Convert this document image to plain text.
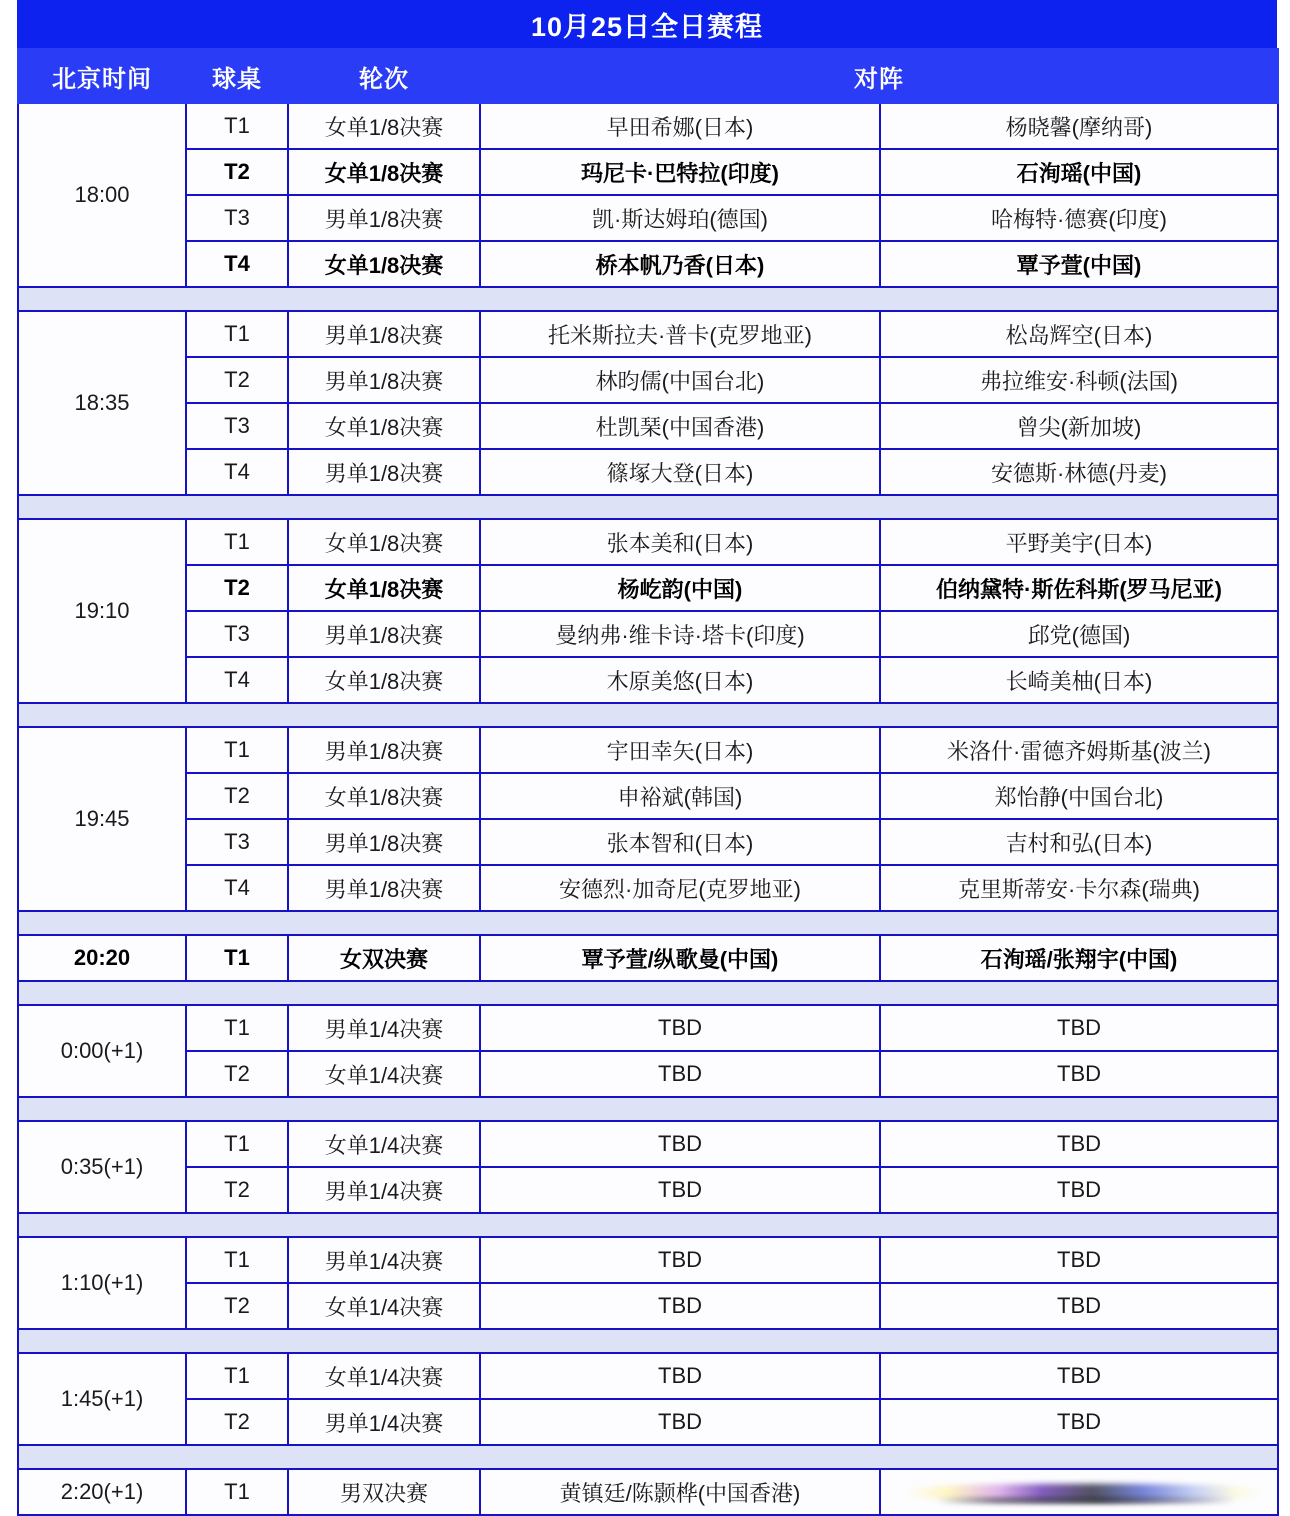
10月25日全日赛程
北京时间	球桌	轮次	对阵	
18:00	T1	女单1/8决赛	早田希娜(日本)	杨晓馨(摩纳哥)
	T2	女单1/8决赛	玛尼卡·巴特拉(印度)	石洵瑶(中国)
	T3	男单1/8决赛	凯·斯达姆珀(德国)	哈梅特·德赛(印度)
	T4	女单1/8决赛	桥本帆乃香(日本)	覃予萱(中国)

18:35	T1	男单1/8决赛	托米斯拉夫·普卡(克罗地亚)	松岛辉空(日本)
	T2	男单1/8决赛	林昀儒(中国台北)	弗拉维安·科顿(法国)
	T3	女单1/8决赛	杜凯琹(中国香港)	曾尖(新加坡)
	T4	男单1/8决赛	篠塚大登(日本)	安德斯·林德(丹麦)

19:10	T1	女单1/8决赛	张本美和(日本)	平野美宇(日本)
	T2	女单1/8决赛	杨屹韵(中国)	伯纳黛特·斯佐科斯(罗马尼亚)
	T3	男单1/8决赛	曼纳弗·维卡诗·塔卡(印度)	邱党(德国)
	T4	女单1/8决赛	木原美悠(日本)	长崎美柚(日本)

19:45	T1	男单1/8决赛	宇田幸矢(日本)	米洛什·雷德齐姆斯基(波兰)
	T2	女单1/8决赛	申裕斌(韩国)	郑怡静(中国台北)
	T3	男单1/8决赛	张本智和(日本)	吉村和弘(日本)
	T4	男单1/8决赛	安德烈·加奇尼(克罗地亚)	克里斯蒂安·卡尔森(瑞典)

20:20	T1	女双决赛	覃予萱/纵歌曼(中国)	石洵瑶/张翔宇(中国)

0:00(+1)	T1	男单1/4决赛	TBD	TBD
	T2	女单1/4决赛	TBD	TBD

0:35(+1)	T1	女单1/4决赛	TBD	TBD
	T2	男单1/4决赛	TBD	TBD

1:10(+1)	T1	男单1/4决赛	TBD	TBD
	T2	女单1/4决赛	TBD	TBD

1:45(+1)	T1	女单1/4决赛	TBD	TBD
	T2	男单1/4决赛	TBD	TBD

2:20(+1)	T1	男双决赛	黄镇廷/陈颢桦(中国香港)	
